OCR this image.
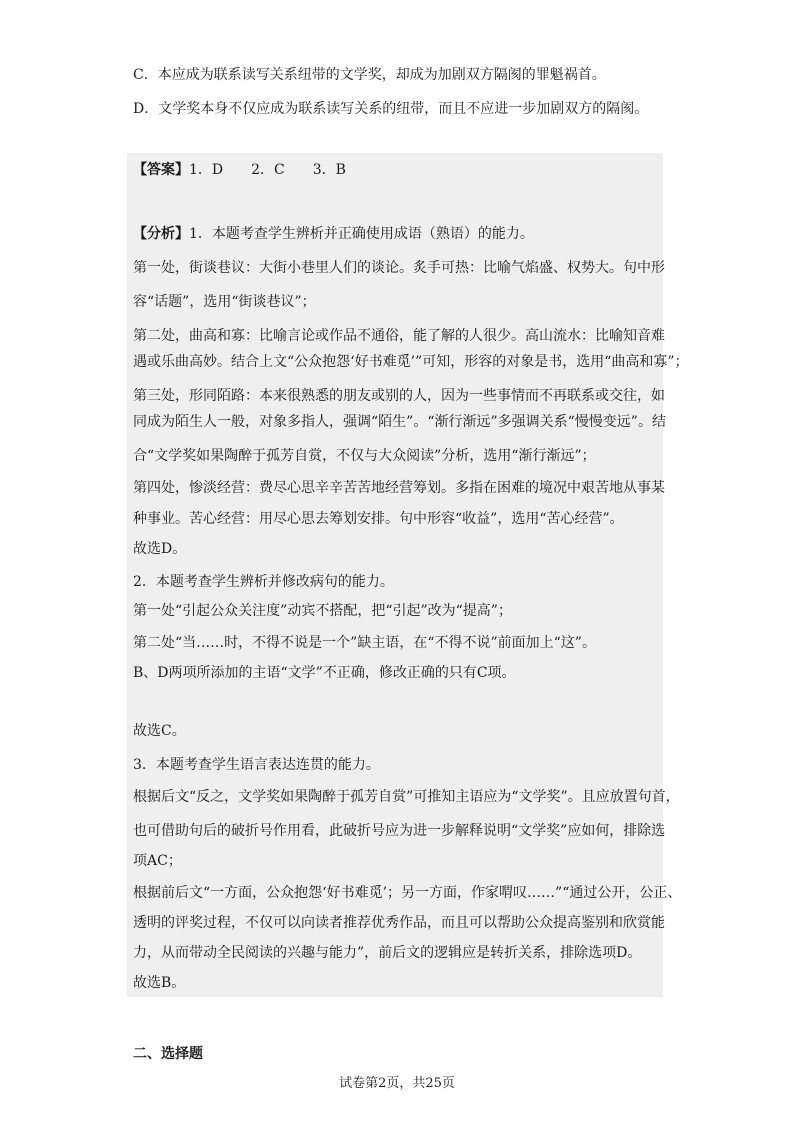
C．本应成为联系读写关系纽带的文学奖，却成为加剧双方隔阂的罪魁祸首。
D．文学奖本身不仅应成为联系读写关系的纽带，而且不应进一步加剧双方的隔阂。
【答案】1．D　　2．C　　3．B
【分析】1．本题考查学生辨析并正确使用成语（熟语）的能力。
第一处，街谈巷议：大街小巷里人们的谈论。炙手可热：比喻气焰盛、权势大。句中形
容“话题”，选用“街谈巷议”；
第二处，曲高和寡：比喻言论或作品不通俗，能了解的人很少。高山流水：比喻知音难
遇或乐曲高妙。结合上文“公众抱怨‘好书难觅’”可知，形容的对象是书，选用“曲高和寡”；
第三处，形同陌路：本来很熟悉的朋友或别的人，因为一些事情而不再联系或交往，如
同成为陌生人一般，对象多指人，强调“陌生”。“渐行渐远”多强调关系“慢慢变远”。结
合“文学奖如果陶醉于孤芳自赏，不仅与大众阅读”分析，选用“渐行渐远”；
第四处，惨淡经营：费尽心思辛辛苦苦地经营筹划。多指在困难的境况中艰苦地从事某
种事业。苦心经营：用尽心思去筹划安排。句中形容“收益”，选用“苦心经营”。
故选D。
2．本题考查学生辨析并修改病句的能力。
第一处“引起公众关注度”动宾不搭配，把“引起”改为“提高”；
第二处“当……时，不得不说是一个”缺主语，在“不得不说”前面加上“这”。
B、D两项所添加的主语“文学”不正确，修改正确的只有C项。
故选C。
3．本题考查学生语言表达连贯的能力。
根据后文“反之，文学奖如果陶醉于孤芳自赏”可推知主语应为“文学奖”。且应放置句首，
也可借助句后的破折号作用看，此破折号应为进一步解释说明“文学奖”应如何，排除选
项AC；
根据前后文“一方面，公众抱怨‘好书难觅’；另一方面，作家喟叹……”“通过公开，公正、
透明的评奖过程，不仅可以向读者推荐优秀作品，而且可以帮助公众提高鉴别和欣赏能
力，从而带动全民阅读的兴趣与能力”，前后文的逻辑应是转折关系，排除选项D。
故选B。
二、选择题
试卷第2页，共25页
